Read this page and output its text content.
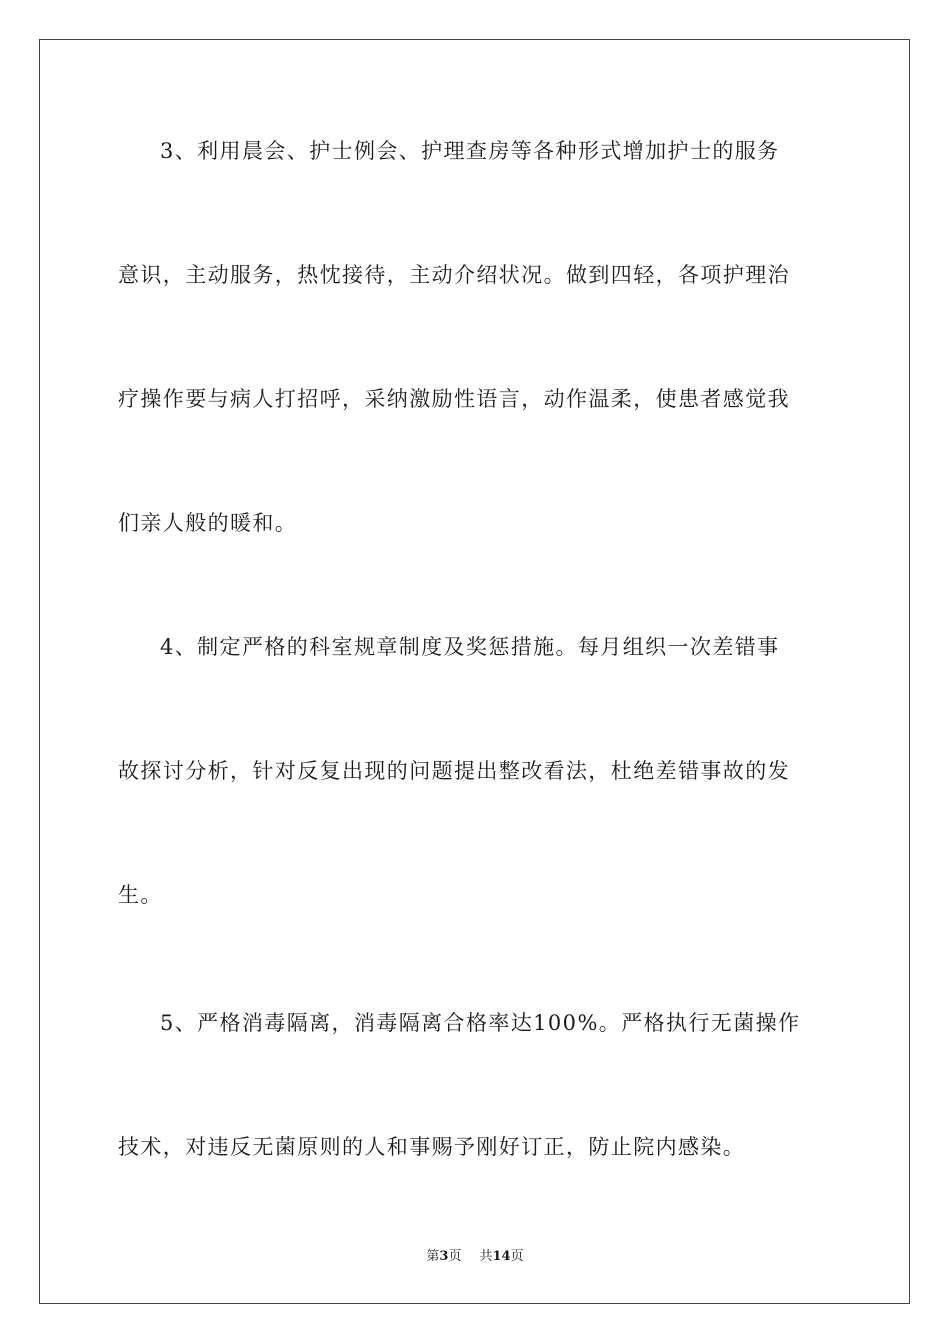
3、利用晨会、护士例会、护理查房等各种形式增加护士的服务
意识，主动服务，热忱接待，主动介绍状况。做到四轻，各项护理治
疗操作要与病人打招呼，采纳激励性语言，动作温柔，使患者感觉我
们亲人般的暖和。
4、制定严格的科室规章制度及奖惩措施。每月组织一次差错事
故探讨分析，针对反复出现的问题提出整改看法，杜绝差错事故的发
生。
5、严格消毒隔离，消毒隔离合格率达100%。严格执行无菌操作
技术，对违反无菌原则的人和事赐予刚好订正，防止院内感染。
第3页 共14页
